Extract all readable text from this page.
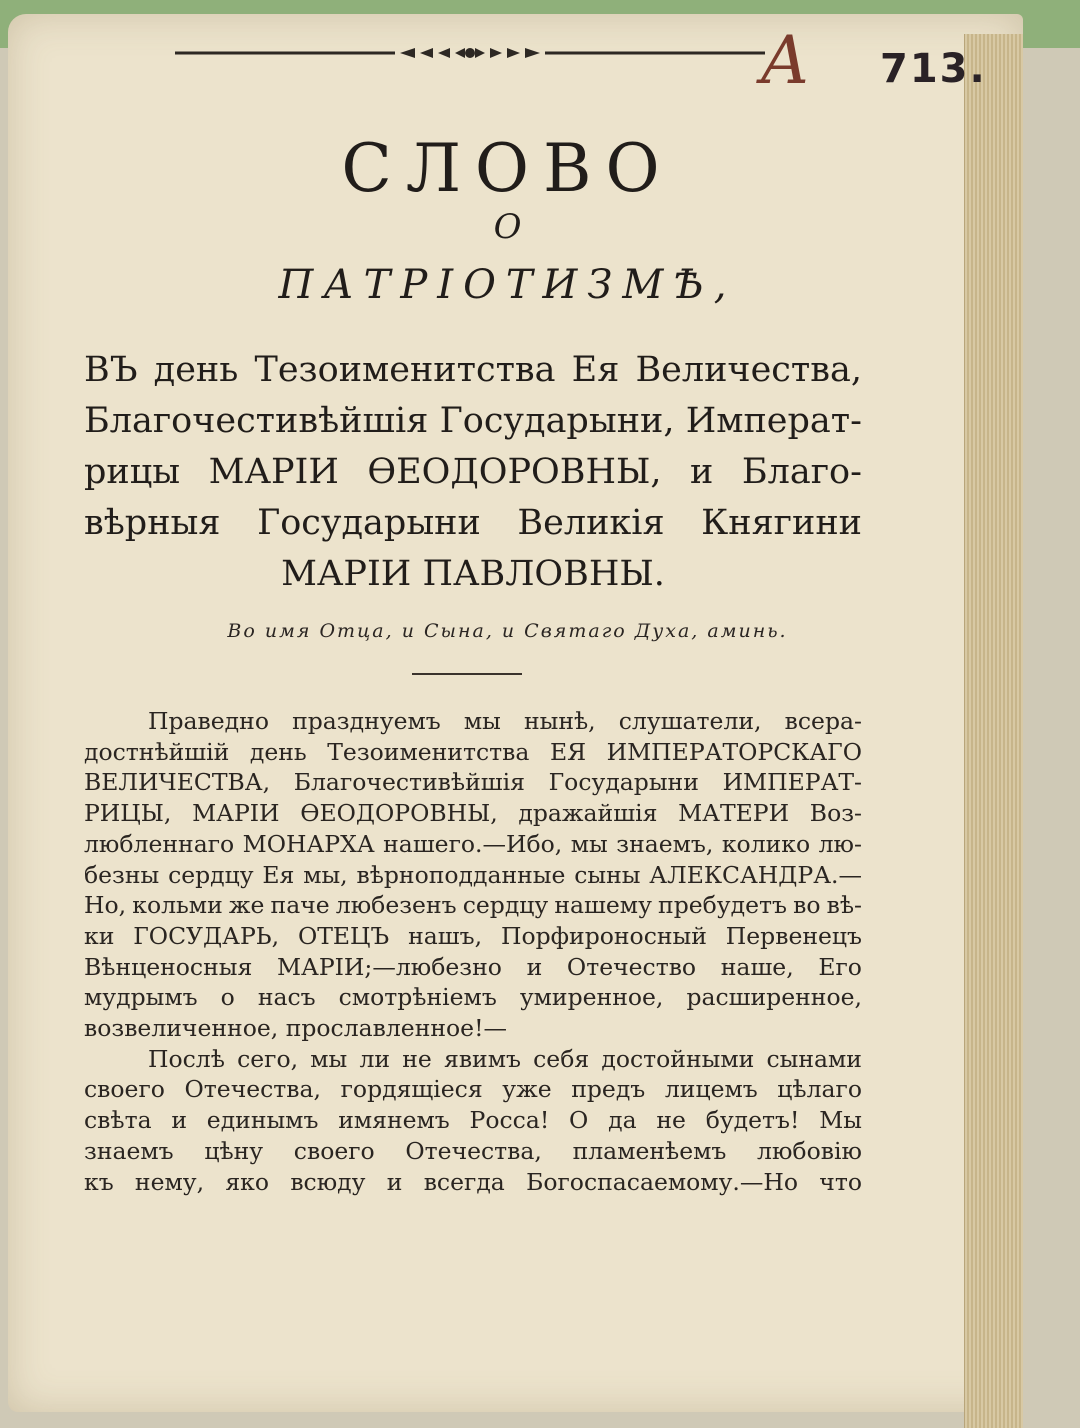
А 713.
СЛОВО
О
ПАТРІОТИЗМѢ,
ВЪ день Тезоименитства Ея Величества,
Благочестивѣйшія Государыни, Императ-
рицы МАРІИ ѲЕОДОРОВНЫ, и Благо-
вѣрныя Государыни Великія Княгини
МАРІИ ПАВЛОВНЫ.
Во имя Отца, и Сына, и Святаго Духа, аминь.
Праведно празднуемъ мы нынѣ, слушатели, всера-
достнѣйшій день Тезоименитства ЕЯ ИМПЕРАТОРСКАГО
ВЕЛИЧЕСТВА, Благочестивѣйшія Государыни ИМПЕРАТ-
РИЦЫ, МАРІИ ѲЕОДОРОВНЫ, дражайшія МАТЕРИ Воз-
любленнаго МОНАРХА нашего.—Ибо, мы знаемъ, колико лю-
безны сердцу Ея мы, вѣрноподданные сыны АЛЕКСАНДРА.—
Но, кольми же паче любезенъ сердцу нашему пребудетъ во вѣ-
ки ГОСУДАРЬ, ОТЕЦЪ нашъ, Порфироносный Первенецъ
Вѣнценосныя МАРІИ;—любезно и Отечество наше, Его
мудрымъ о насъ смотрѣніемъ умиренное, расширенное,
возвеличенное, прославленное!—
Послѣ сего, мы ли не явимъ себя достойными сынами
своего Отечества, гордящіеся уже предъ лицемъ цѣлаго
свѣта и единымъ имянемъ Росса! О да не будетъ! Мы
знаемъ цѣну своего Отечества, пламенѣемъ любовію
къ нему, яко всюду и всегда Богоспасаемому.—Но что
